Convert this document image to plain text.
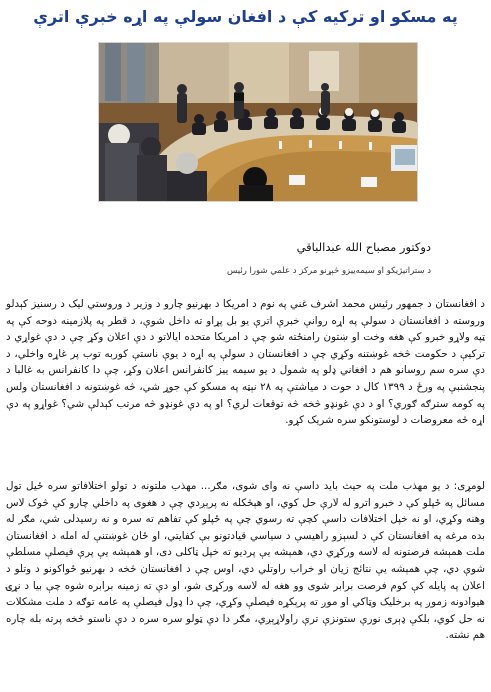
په مسکو او ترکیه کې د افغان سولې په اړه خبرې اترې
دوکتور مصباح الله عبدالباقي
د ستراتیژیکو او سیمه‌ییزو څېړنو مرکز د علمي شورا رئیس

د افغانستان د جمهور رئیس محمد اشرف غني په نوم د امریکا د بهرنیو چارو د وزیر د وروستي لیک د رسنیز کېدلو وروسته د افغانستان د سولې په اړه روانې خبرې اترې یو بل پړاو ته داخل شوې، د قطر په پلازمینه دوحه کې په ټپه ولاړو خبرو کې هغه وخت او ښتون رامنځته شو چې د امریکا متحده ایالاتو د دې اعلان وکړ چې د دې غواړي د ترکیې د حکومت څخه غوښتنه وکړي چې د افغانستان د سولې په اړه د یوې ناستې کوربه توب پر غاړه واخلي، د دې سره سم روسانو هم د افغاني ډلو په شمول د یو سیمه ییز کانفرانس اعلان وکړ، چې دا کانفرانس به غالبا د پنجشنبې په ورځ د ۱۳۹۹ کال د حوت د میاشتې په ۲۸ نېټه په مسکو کې جوړ شي، څه غوښتونه د افغانستان ولس په کومه سترګه ګوري؟ او د دې غونډو څخه څه توقعات لري؟ او په دې غونډو څه مرتب کېدلې شي؟ غواړو په دې اړه څه معروضات د لوستونکو سره شریک کړو.

لومړی: د یو مهذب ملت په حیث باید داسې نه وای شوی، مګر... مهذب ملتونه د تولو اختلافاتو سره ځیل تول مسائل په ځپلو کې د خبرو اترو له لارې حل کوي، او هېڅکله نه پرېږدي چې د هغوی په داخلي چارو کې څوک لاس وهنه وکړي، او نه خپل اختلافات داسې کچې ته رسوي چې په ځپلو کې تفاهم ته سره و نه رسیدلی شي، مګر له بده مرغه په افغانستان کې د لسېزو راهیسې د سیاسي قیادتونو بې کفایتي، او ځان غوښتنې له امله د افغانستان ملت همېشه فرصتونه له لاسه ورکړي دي، همېشه یې پردیو ته خپل ټاکلی دی، او همېشه یې پرې فیصلې مسلطې شوې دي، چې همېشه یې نتائج زیان او خراب راوتلي دي، اوس چې د افغانستان څخه د بهرنیو ځواکونو د وتلو د اعلان په پایله کې کوم فرصت برابر شوی وو هغه له لاسه ورکړی شو، او دې ته زمینه برابره شوه چې بیا د نړۍ هیوادونه زموږ په برخلیک وټاکي او موږ ته پرېکړه فیصلې وکړي، چې دا ډول فیصلې په عامه توګه د ملت مشکلات نه حل کوي، بلکې ډېری نورې ستونزې ترې راولاړېږي، مګر دا دې ټولو سره سره د دې ناستو څخه پرته بله چاره هم نشته.
